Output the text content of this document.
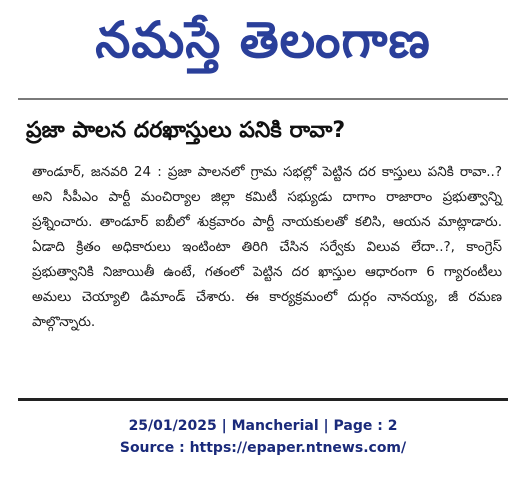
నమస్తే తెలంగాణ
ప్రజా పాలన దరఖాస్తులు పనికి రావా?

తాండూర్, జనవరి 24 : ప్రజా పాలనలో గ్రామ సభల్లో పెట్టిన దర కాస్తులు పనికి రావా..? అని సీపీఎం పార్టీ మంచిర్యాల జిల్లా కమిటీ సభ్యుడు దాగాం రాజారాం ప్రభుత్వాన్ని ప్రశ్నించారు. తాండూర్ ఐబీలో శుక్రవారం పార్టీ నాయకులతో కలిసి, ఆయన మాట్లాడారు. ఏడాది క్రితం అధికారులు ఇంటింటా తిరిగి చేసిన సర్వేకు విలువ లేదా..?, కాంగ్రెస్ ప్రభుత్వానికి నిజాయితీ ఉంటే, గతంలో పెట్టిన దర ఖాస్తుల ఆధారంగా 6 గ్యారంటీలు అమలు చెయ్యాలి డిమాండ్ చేశారు. ఈ కార్యక్రమంలో దుర్గం నానయ్య, జీ రమణ పాల్గొన్నారు.

25/01/2025 | Mancherial | Page : 2
Source : https://epaper.ntnews.com/
